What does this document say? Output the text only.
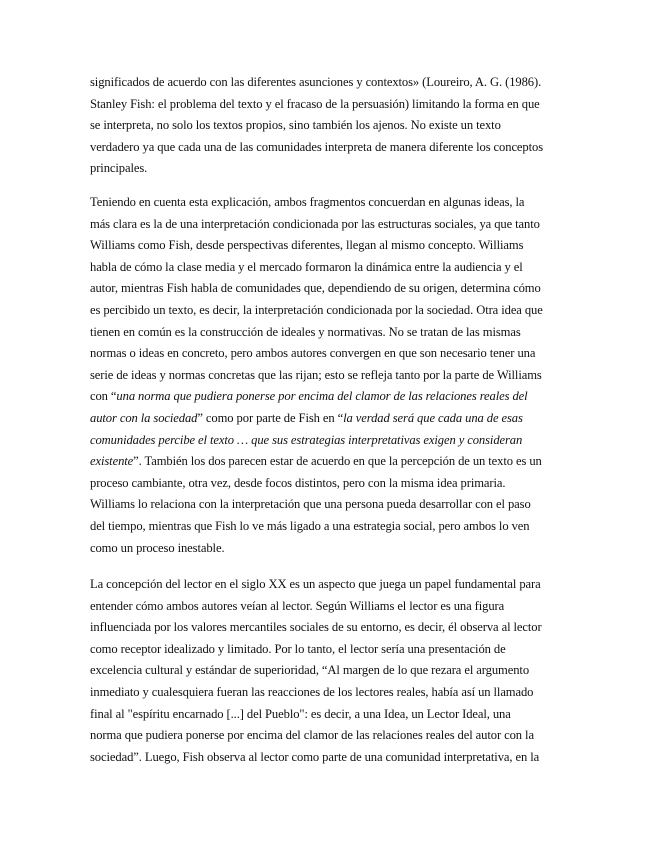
significados de acuerdo con las diferentes asunciones y contextos» (Loureiro, A. G. (1986).
Stanley Fish: el problema del texto y el fracaso de la persuasión) limitando la forma en que
se interpreta, no solo los textos propios, sino también los ajenos. No existe un texto
verdadero ya que cada una de las comunidades interpreta de manera diferente los conceptos
principales.
Teniendo en cuenta esta explicación, ambos fragmentos concuerdan en algunas ideas, la
más clara es la de una interpretación condicionada por las estructuras sociales, ya que tanto
Williams como Fish, desde perspectivas diferentes, llegan al mismo concepto. Williams
habla de cómo la clase media y el mercado formaron la dinámica entre la audiencia y el
autor, mientras Fish habla de comunidades que, dependiendo de su origen, determina cómo
es percibido un texto, es decir, la interpretación condicionada por la sociedad. Otra idea que
tienen en común es la construcción de ideales y normativas. No se tratan de las mismas
normas o ideas en concreto, pero ambos autores convergen en que son necesario tener una
serie de ideas y normas concretas que las rijan; esto se refleja tanto por la parte de Williams
con “una norma que pudiera ponerse por encima del clamor de las relaciones reales del
autor con la sociedad” como por parte de Fish en “la verdad será que cada una de esas
comunidades percibe el texto … que sus estrategias interpretativas exigen y consideran
existente”. También los dos parecen estar de acuerdo en que la percepción de un texto es un
proceso cambiante, otra vez, desde focos distintos, pero con la misma idea primaria.
Williams lo relaciona con la interpretación que una persona pueda desarrollar con el paso
del tiempo, mientras que Fish lo ve más ligado a una estrategia social, pero ambos lo ven
como un proceso inestable.
La concepción del lector en el siglo XX es un aspecto que juega un papel fundamental para
entender cómo ambos autores veían al lector. Según Williams el lector es una figura
influenciada por los valores mercantiles sociales de su entorno, es decir, él observa al lector
como receptor idealizado y limitado. Por lo tanto, el lector sería una presentación de
excelencia cultural y estándar de superioridad, “Al margen de lo que rezara el argumento
inmediato y cualesquiera fueran las reacciones de los lectores reales, había así un llamado
final al "espíritu encarnado [...] del Pueblo": es decir, a una Idea, un Lector Ideal, una
norma que pudiera ponerse por encima del clamor de las relaciones reales del autor con la
sociedad”. Luego, Fish observa al lector como parte de una comunidad interpretativa, en la
